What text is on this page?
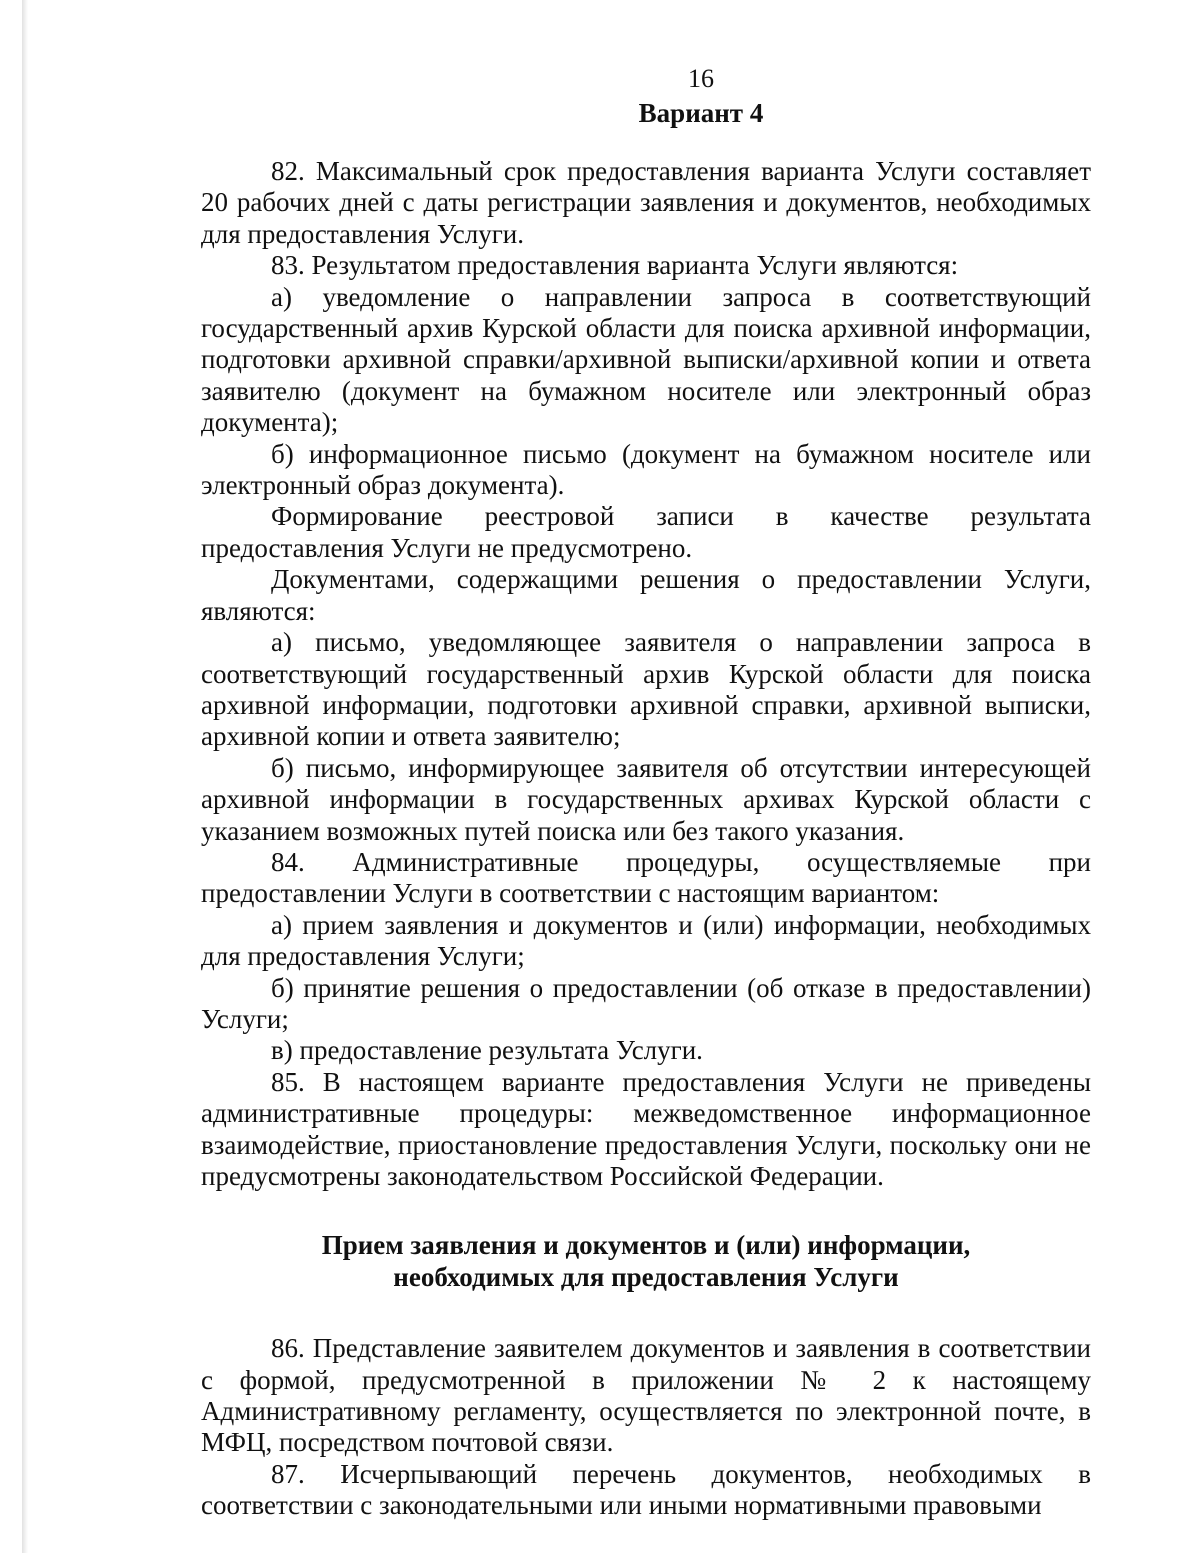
16
Вариант 4

82. Максимальный срок предоставления варианта Услуги составляет 20 рабочих дней с даты регистрации заявления и документов, необходимых для предоставления Услуги.

83. Результатом предоставления варианта Услуги являются:

а) уведомление о направлении запроса в соответствующий государственный архив Курской области для поиска архивной информации, подготовки архивной справки/архивной выписки/архивной копии и ответа заявителю (документ на бумажном носителе или электронный образ документа);

б) информационное письмо (документ на бумажном носителе или электронный образ документа).

Формирование реестровой записи в качестве результата предоставления Услуги не предусмотрено.

Документами, содержащими решения о предоставлении Услуги, являются:

а) письмо, уведомляющее заявителя о направлении запроса в соответствующий государственный архив Курской области для поиска архивной информации, подготовки архивной справки, архивной выписки, архивной копии и ответа заявителю;

б) письмо, информирующее заявителя об отсутствии интересующей архивной информации в государственных архивах Курской области с указанием возможных путей поиска или без такого указания.

84. Административные процедуры, осуществляемые при предоставлении Услуги в соответствии с настоящим вариантом:

а) прием заявления и документов и (или) информации, необходимых для предоставления Услуги;

б) принятие решения о предоставлении (об отказе в предоставлении) Услуги;

в) предоставление результата Услуги.

85. В настоящем варианте предоставления Услуги не приведены административные процедуры: межведомственное информационное взаимодействие, приостановление предоставления Услуги, поскольку они не предусмотрены законодательством Российской Федерации.

Прием заявления и документов и (или) информации,
необходимых для предоставления Услуги

86. Представление заявителем документов и заявления в соответствии с формой, предусмотренной в приложении № 2 к настоящему Административному регламенту, осуществляется по электронной почте, в МФЦ, посредством почтовой связи.

87. Исчерпывающий перечень документов, необходимых в соответствии с законодательными или иными нормативными правовыми
